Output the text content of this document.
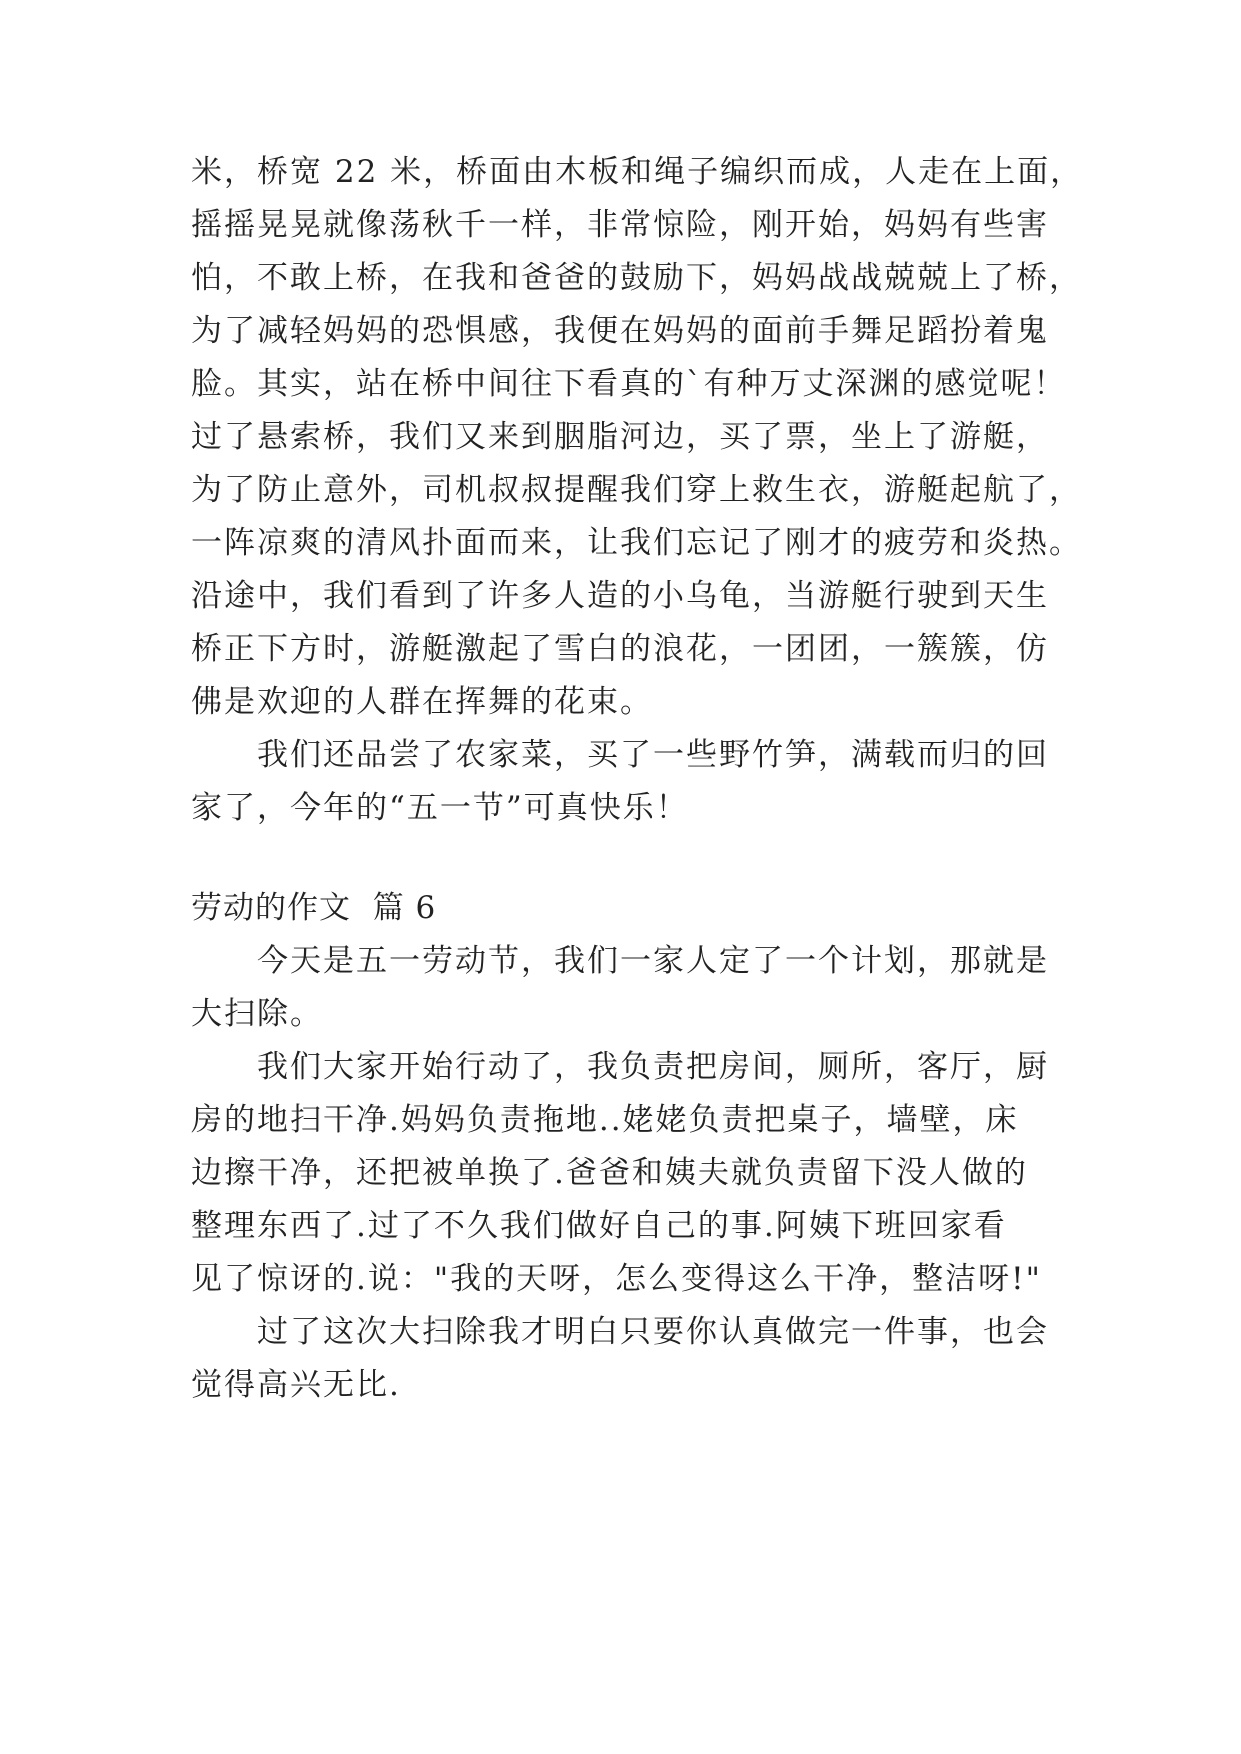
米，桥宽 22 米，桥面由木板和绳子编织而成，人走在上面，
摇摇晃晃就像荡秋千一样，非常惊险，刚开始，妈妈有些害
怕，不敢上桥，在我和爸爸的鼓励下，妈妈战战兢兢上了桥，
为了减轻妈妈的恐惧感，我便在妈妈的面前手舞足蹈扮着鬼
脸。其实，站在桥中间往下看真的`有种万丈深渊的感觉呢！
过了悬索桥，我们又来到胭脂河边，买了票，坐上了游艇，
为了防止意外，司机叔叔提醒我们穿上救生衣，游艇起航了，
一阵凉爽的清风扑面而来，让我们忘记了刚才的疲劳和炎热。
沿途中，我们看到了许多人造的小乌龟，当游艇行驶到天生
桥正下方时，游艇激起了雪白的浪花，一团团，一簇簇，仿
佛是欢迎的人群在挥舞的花束。
　　我们还品尝了农家菜，买了一些野竹笋，满载而归的回
家了，今年的“五一节”可真快乐！
劳动的作文  篇 6
　　今天是五一劳动节，我们一家人定了一个计划，那就是
大扫除。
　　我们大家开始行动了，我负责把房间，厕所，客厅，厨
房的地扫干净.妈妈负责拖地..姥姥负责把桌子，墙壁，床
边擦干净，还把被单换了.爸爸和姨夫就负责留下没人做的
整理东西了.过了不久我们做好自己的事.阿姨下班回家看
见了惊讶的.说："我的天呀，怎么变得这么干净，整洁呀!"
　　过了这次大扫除我才明白只要你认真做完一件事，也会
觉得高兴无比.
